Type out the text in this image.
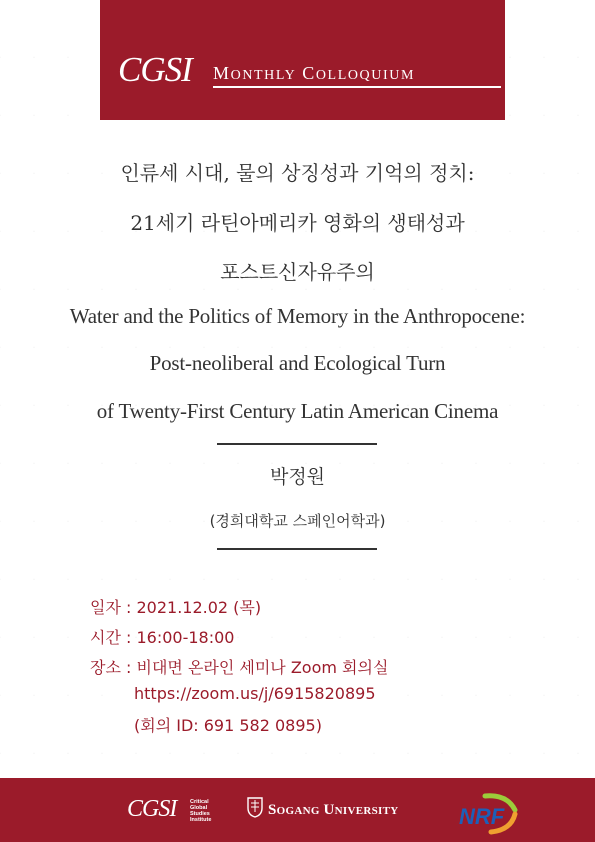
CGSI MONTHLY COLLOQUIUM
인류세 시대, 물의 상징성과 기억의 정치:
21세기 라틴아메리카 영화의 생태성과
포스트신자유주의
Water and the Politics of Memory in the Anthropocene:
Post-neoliberal and Ecological Turn
of Twenty-First Century Latin American Cinema
박정원
(경희대학교 스페인어학과)
일자 : 2021.12.02 (목)
시간 : 16:00-18:00
장소 : 비대면 온라인 세미나 Zoom 회의실
https://zoom.us/j/6915820895
(회의 ID: 691 582 0895)
CGSI Critical
Global
Studies
Institute
SOGANG UNIVERSITY	NRF
